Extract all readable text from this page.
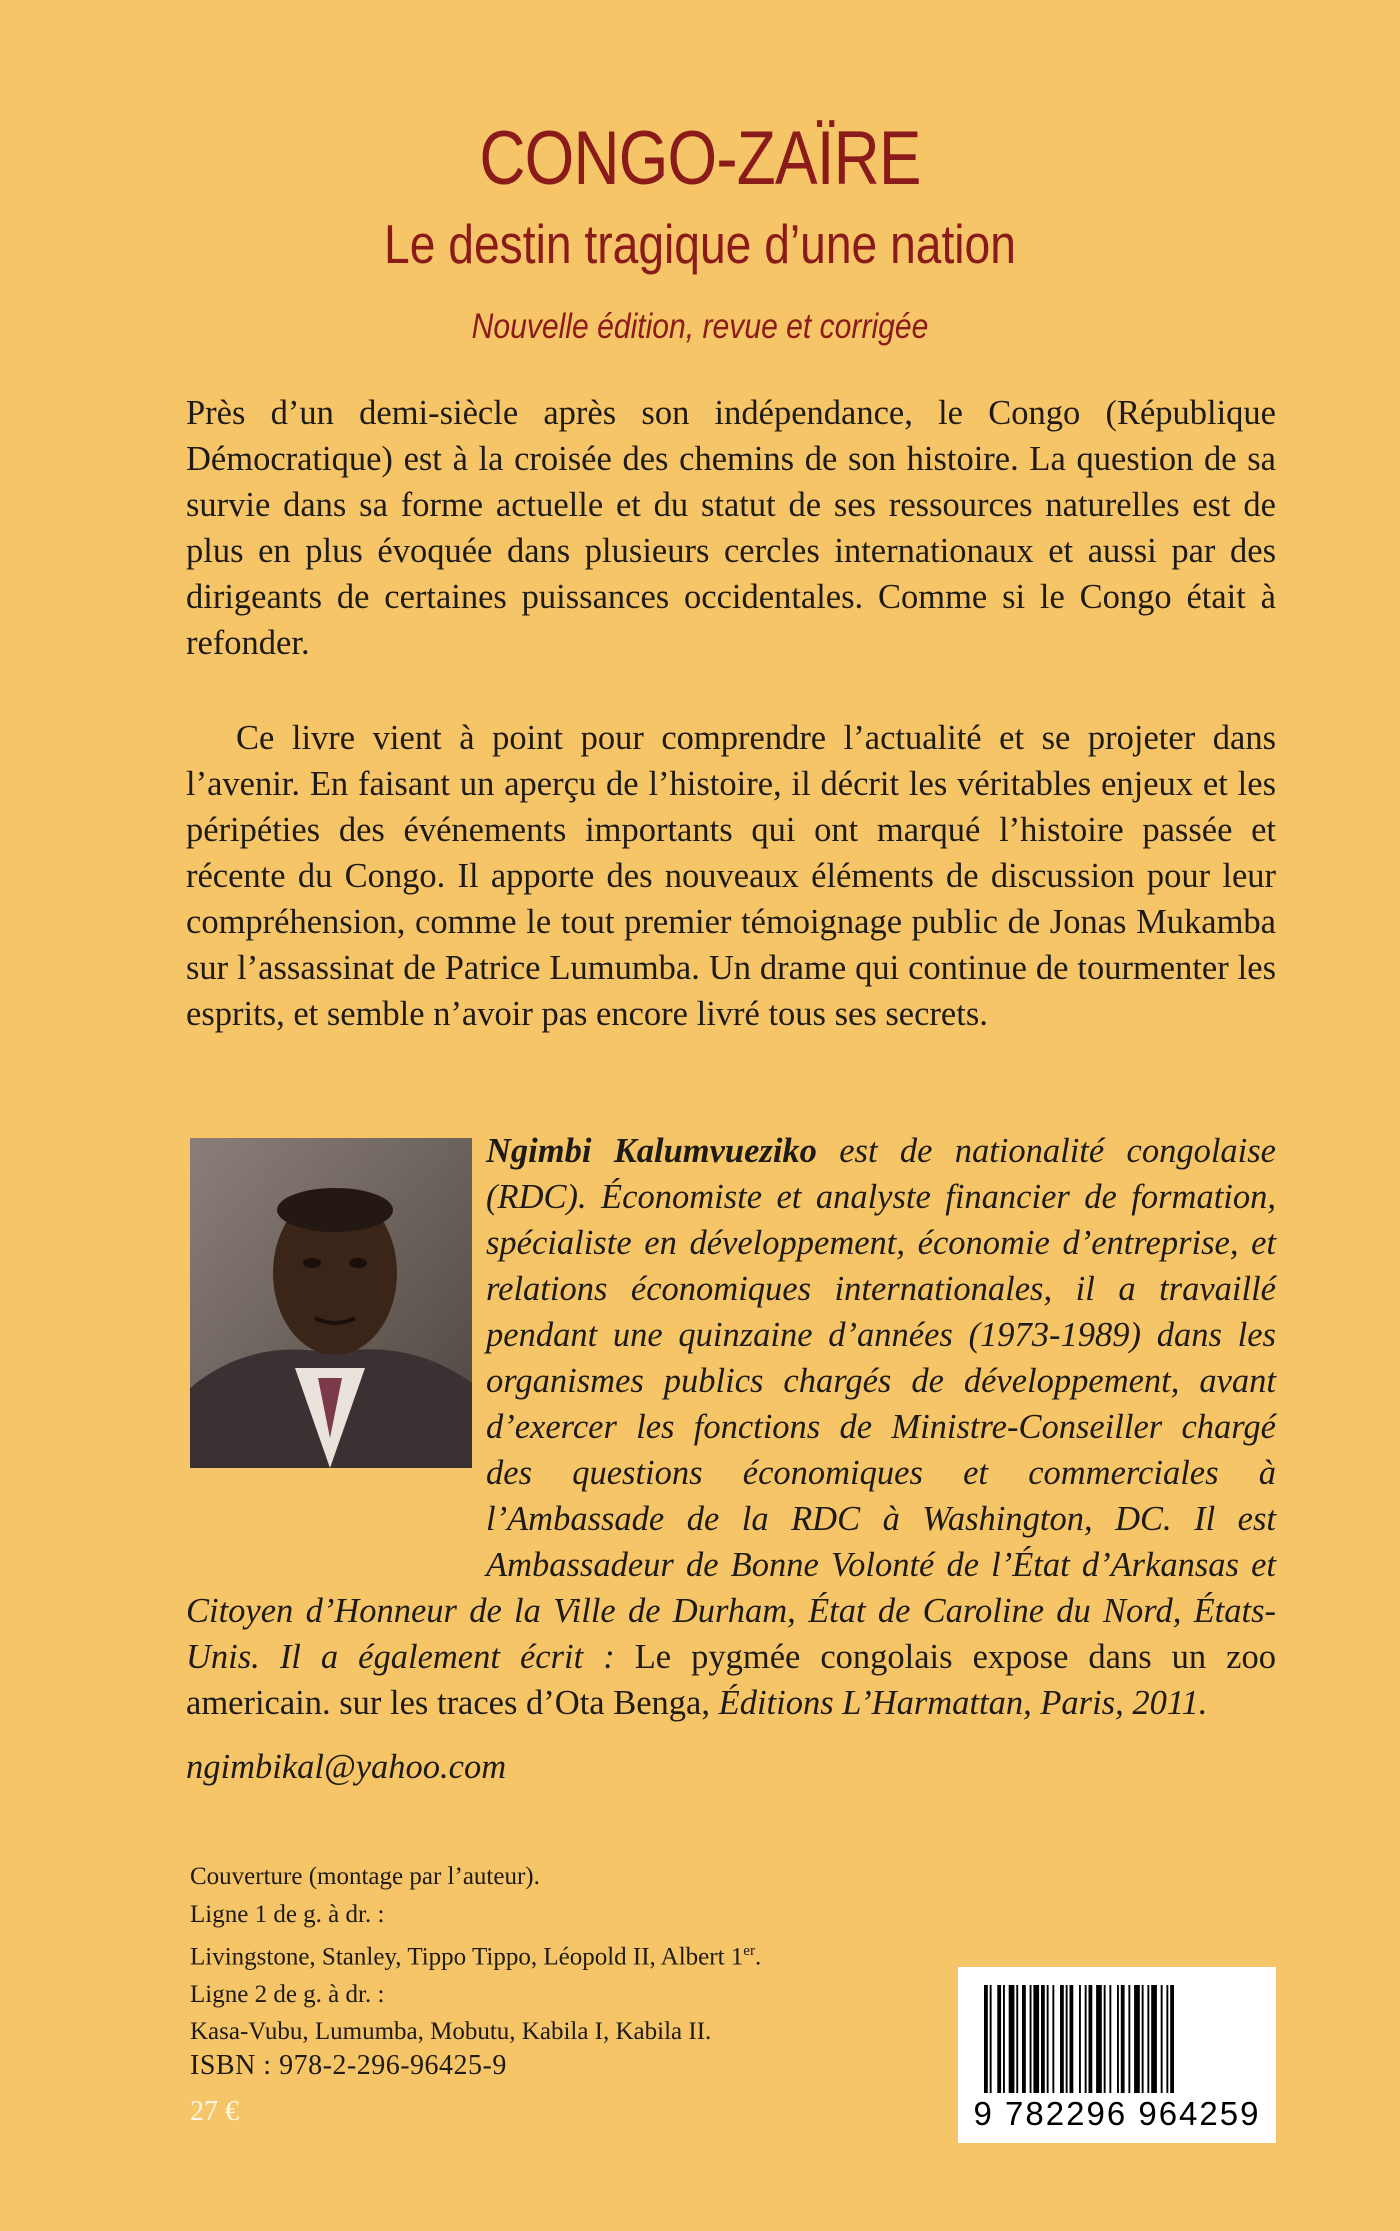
CONGO-ZAÏRE
Le destin tragique d’une nation
Nouvelle édition, revue et corrigée

Près d’un demi-siècle après son indépendance, le Congo (République Démocratique) est à la croisée des chemins de son histoire. La question de sa survie dans sa forme actuelle et du statut de ses ressources naturelles est de plus en plus évoquée dans plusieurs cercles internationaux et aussi par des dirigeants de certaines puissances occidentales. Comme si le Congo était à refonder.

Ce livre vient à point pour comprendre l’actualité et se projeter dans l’avenir. En faisant un aperçu de l’histoire, il décrit les véritables enjeux et les péripéties des événements importants qui ont marqué l’histoire passée et récente du Congo. Il apporte des nouveaux éléments de discussion pour leur compréhension, comme le tout premier témoignage public de Jonas Mukamba sur l’assassinat de Patrice Lumumba. Un drame qui continue de tourmenter les esprits, et semble n’avoir pas encore livré tous ses secrets.

Ngimbi Kalumvueziko est de nationalité congolaise (RDC). Économiste et analyste financier de formation, spécialiste en développement, économie d’entreprise, et relations économiques internationales, il a travaillé pendant une quinzaine d’années (1973-1989) dans les organismes publics chargés de développement, avant d’exercer les fonctions de Ministre-Conseiller chargé des questions économiques et commerciales à l’Ambassade de la RDC à Washington, DC. Il est Ambassadeur de Bonne Volonté de l’État d’Arkansas et Citoyen d’Honneur de la Ville de Durham, État de Caroline du Nord, États-Unis. Il a également écrit : Le pygmée congolais expose dans un zoo americain. sur les traces d’Ota Benga, Éditions L’Harmattan, Paris, 2011.

ngimbikal@yahoo.com
Couverture (montage par l’auteur).
Ligne 1 de g. à dr. :
Livingstone, Stanley, Tippo Tippo, Léopold II, Albert 1er.
Ligne 2 de g. à dr. :
Kasa-Vubu, Lumumba, Mobutu, Kabila I, Kabila II.
ISBN : 978-2-296-96425-9
27 €	9 782296 964259
